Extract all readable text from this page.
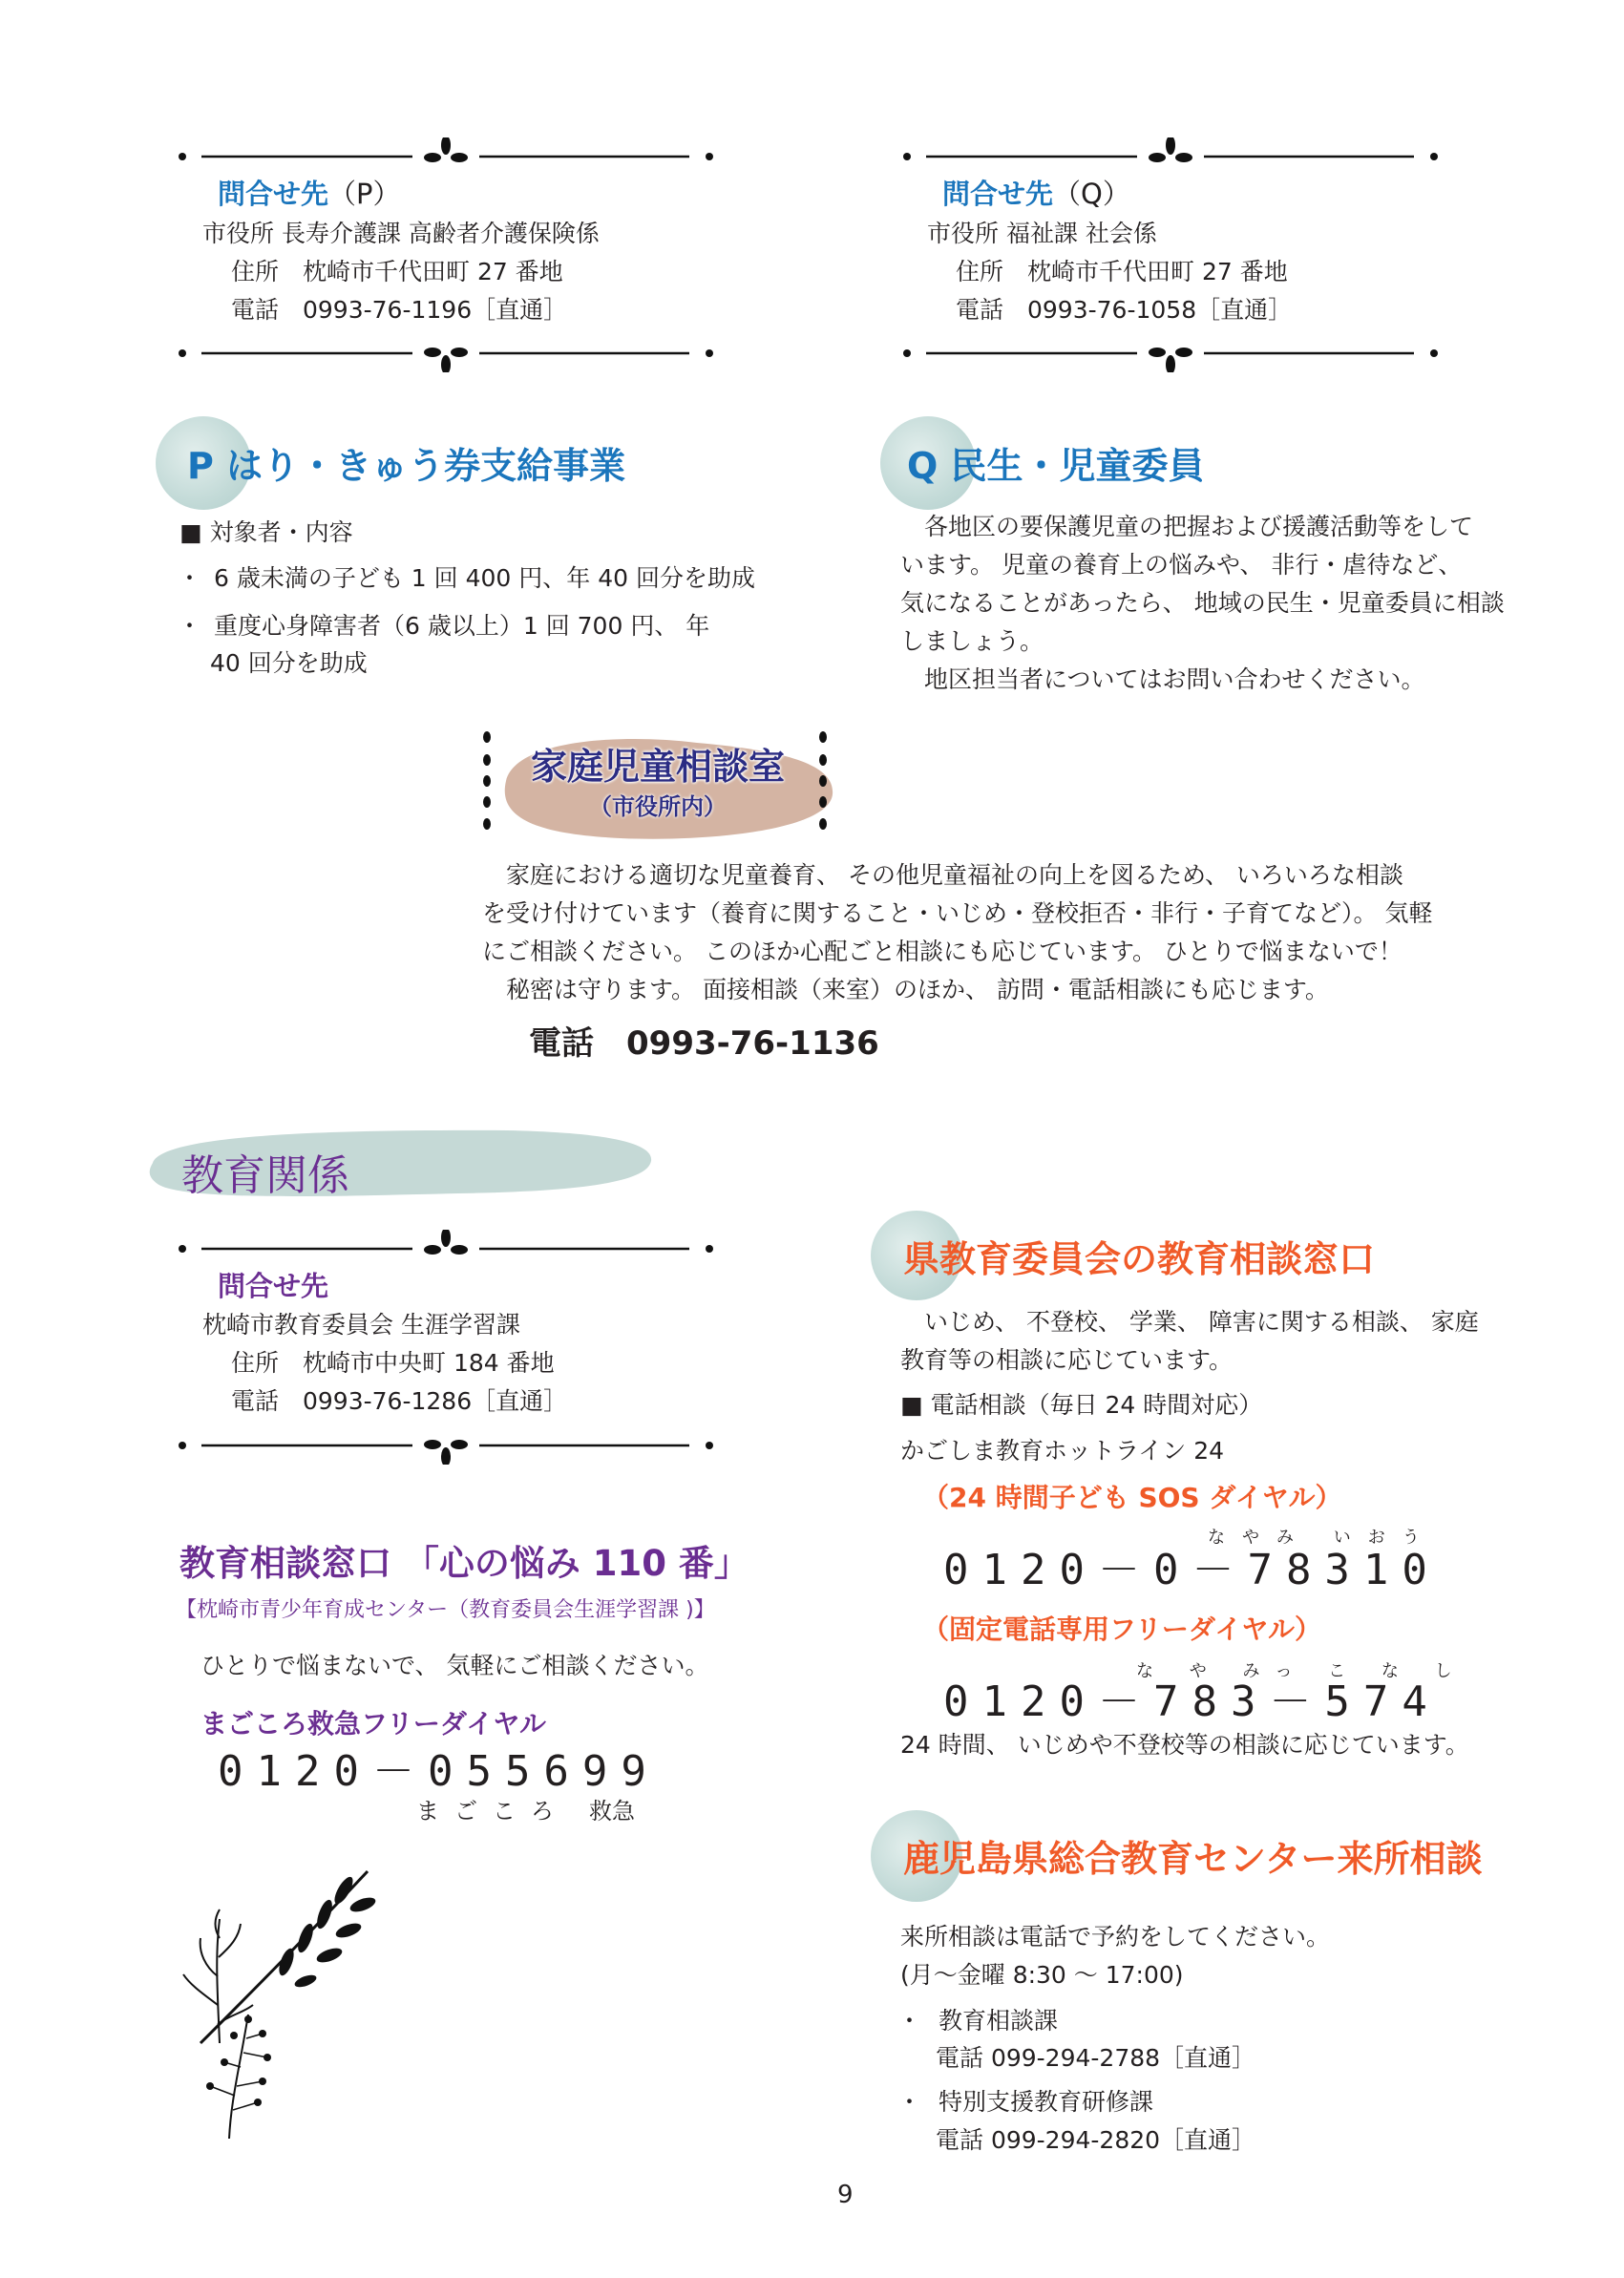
問合せ先（P）
市役所 長寿介護課 高齢者介護保険係
住所　枕崎市千代田町 27 番地
電話　0993-76-1196［直通］
問合せ先（Q）
市役所 福祉課 社会係
住所　枕崎市千代田町 27 番地
電話　0993-76-1058［直通］
P はり・きゅう券支給事業
■ 対象者・内容
・ 6 歳未満の子ども 1 回 400 円、年 40 回分を助成
・ 重度心身障害者（6 歳以上）1 回 700 円、 年
40 回分を助成
Q 民生・児童委員
　各地区の要保護児童の把握および援護活動等をして
います。 児童の養育上の悩みや、 非行・虐待など、
気になることがあったら、 地域の民生・児童委員に相談
しましょう。
　地区担当者についてはお問い合わせください。
家庭児童相談室
（市役所内）
　家庭における適切な児童養育、 その他児童福祉の向上を図るため、 いろいろな相談
を受け付けています（養育に関すること・いじめ・登校拒否・非行・子育てなど）。 気軽
にご相談ください。 このほか心配ごと相談にも応じています。 ひとりで悩まないで！
　秘密は守ります。 面接相談（来室）のほか、 訪問・電話相談にも応じます。
電話　0993-76-1136
教育関係
問合せ先
枕崎市教育委員会 生涯学習課
住所　枕崎市中央町 184 番地
電話　0993-76-1286［直通］
教育相談窓口 「心の悩み 110 番」
【枕崎市青少年育成センター（教育委員会生涯学習課 )】
ひとりで悩まないで、 気軽にご相談ください。
まごころ救急フリーダイヤル
0120－055699
まごころ 救急
県教育委員会の教育相談窓口
　いじめ、 不登校、 学業、 障害に関する相談、 家庭
教育等の相談に応じています。
■ 電話相談（毎日 24 時間対応）
かごしま教育ホットライン 24
（24 時間子ども SOS ダイヤル）
なやみ いおう
0120－0－78310
（固定電話専用フリーダイヤル）
な や みっ こ な し
0120－783－574
24 時間、 いじめや不登校等の相談に応じています。
鹿児島県総合教育センター来所相談
来所相談は電話で予約をしてください。
(月～金曜 8:30 ～ 17:00)
・ 教育相談課
電話 099-294-2788［直通］
・ 特別支援教育研修課
電話 099-294-2820［直通］
9
